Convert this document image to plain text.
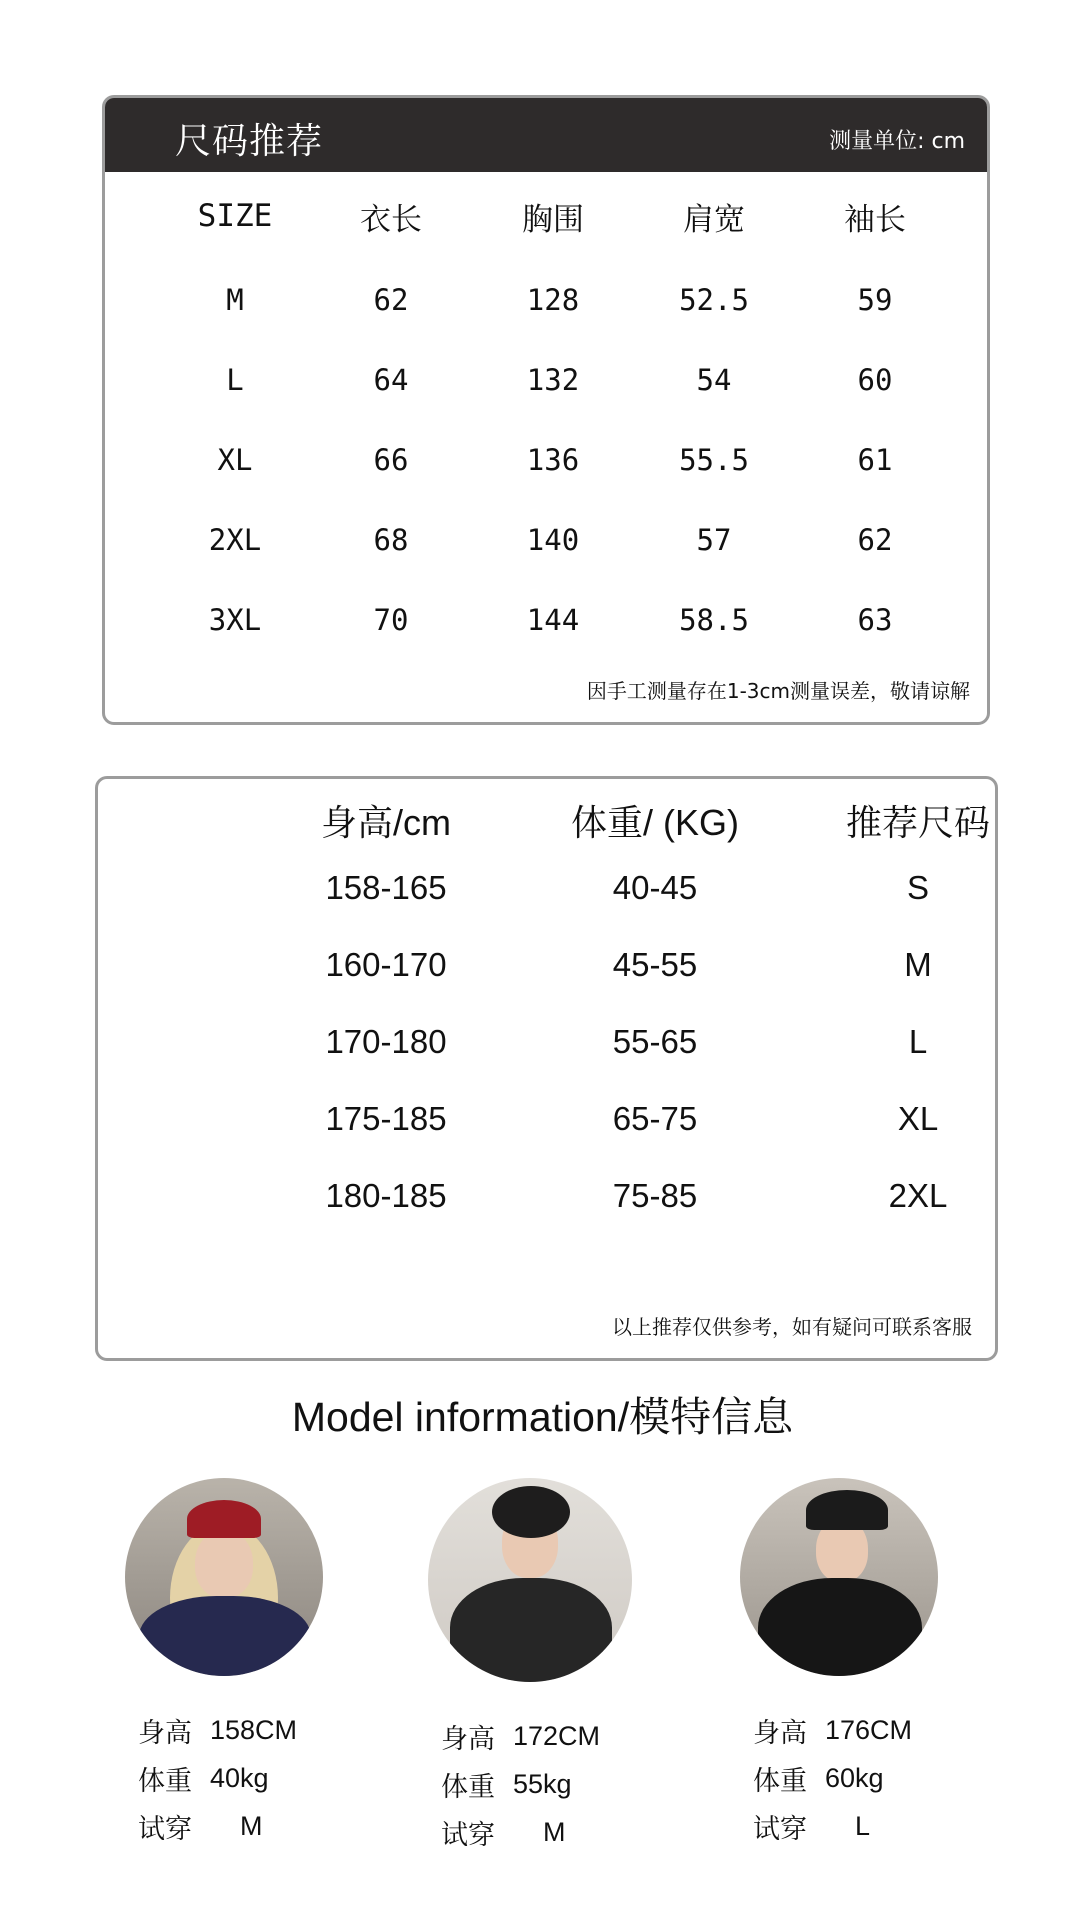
尺码推荐	测量单位: cm
SIZE	衣长	胸围	肩宽	袖长
M	62	128	52.5	59
L	64	132	54	60
XL	66	136	55.5	61
2XL	68	140	57	62
3XL	70	144	58.5	63
因手工测量存在1-3cm测量误差，敬请谅解
身高/cm	体重/ (KG)	推荐尺码
158-165	40-45	S
160-170	45-55	M
170-180	55-65	L
175-185	65-75	XL
180-185	75-85	2XL
以上推荐仅供参考，如有疑问可联系客服
Model information/模特信息
身高 158CM
体重 40kg
试穿	M
身高 172CM
体重 55kg
试穿	M
身高 176CM
体重 60kg
试穿	L
